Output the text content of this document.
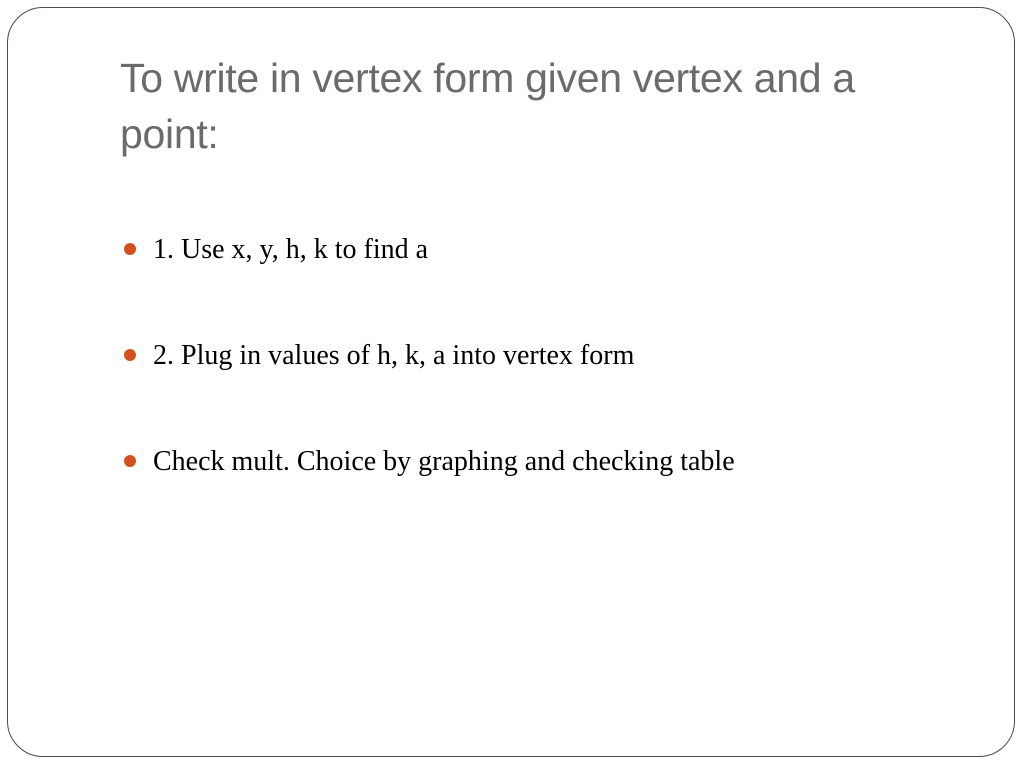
To write in vertex form given vertex and a point:
1. Use x, y, h, k to find a
2. Plug in values of h, k, a into vertex form
Check mult. Choice by graphing and checking table
